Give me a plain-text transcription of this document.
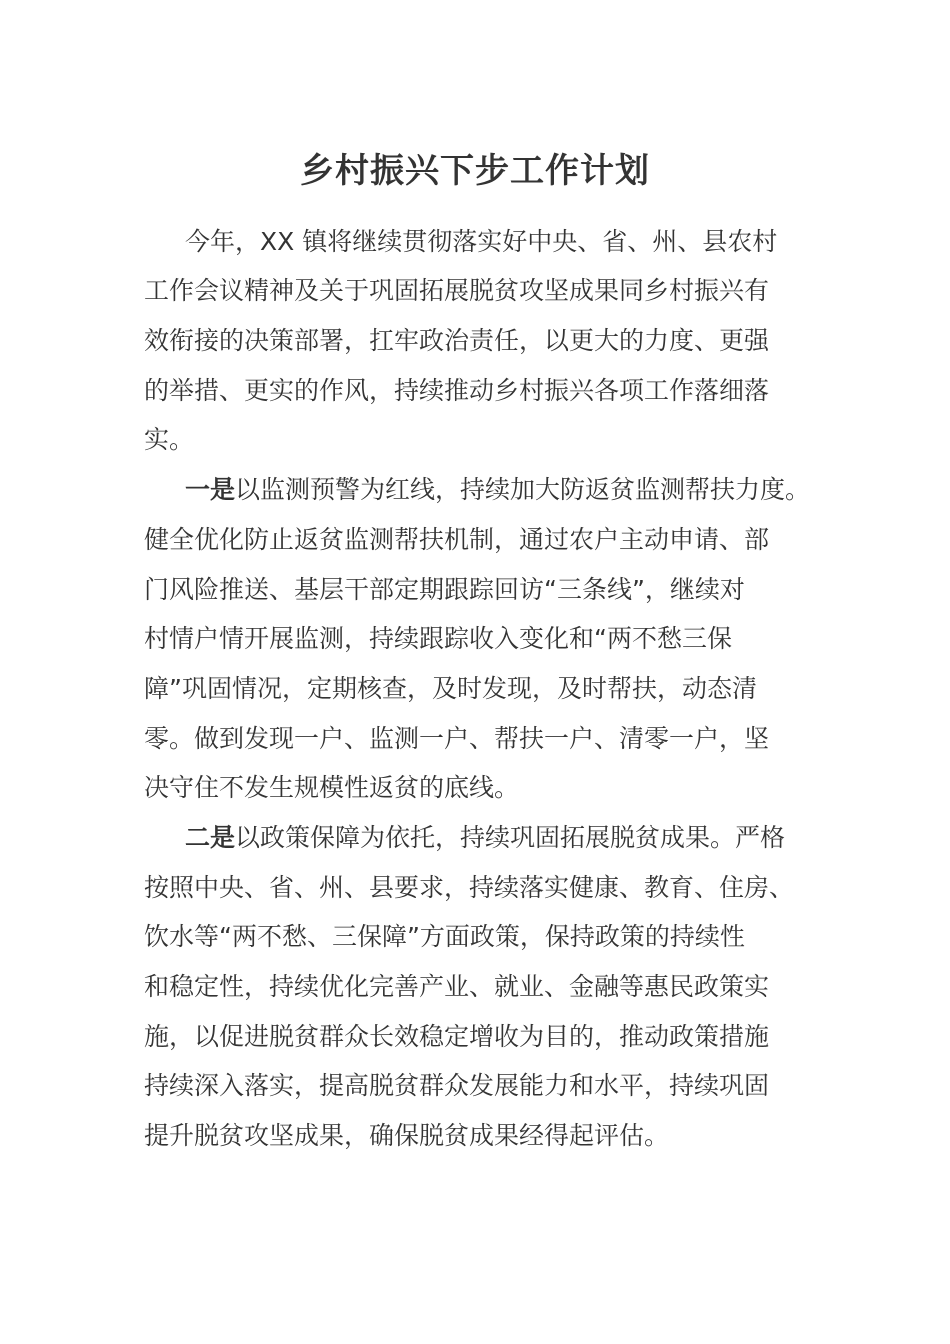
乡村振兴下步工作计划
今年，XX 镇将继续贯彻落实好中央、省、州、县农村
工作会议精神及关于巩固拓展脱贫攻坚成果同乡村振兴有
效衔接的决策部署，扛牢政治责任，以更大的力度、更强
的举措、更实的作风，持续推动乡村振兴各项工作落细落
实。
一是以监测预警为红线，持续加大防返贫监测帮扶力度。
健全优化防止返贫监测帮扶机制，通过农户主动申请、部
门风险推送、基层干部定期跟踪回访“三条线”，继续对
村情户情开展监测，持续跟踪收入变化和“两不愁三保
障”巩固情况，定期核查，及时发现，及时帮扶，动态清
零。做到发现一户、监测一户、帮扶一户、清零一户，坚
决守住不发生规模性返贫的底线。
二是以政策保障为依托，持续巩固拓展脱贫成果。严格
按照中央、省、州、县要求，持续落实健康、教育、住房、
饮水等“两不愁、三保障”方面政策，保持政策的持续性
和稳定性，持续优化完善产业、就业、金融等惠民政策实
施，以促进脱贫群众长效稳定增收为目的，推动政策措施
持续深入落实，提高脱贫群众发展能力和水平，持续巩固
提升脱贫攻坚成果，确保脱贫成果经得起评估。
